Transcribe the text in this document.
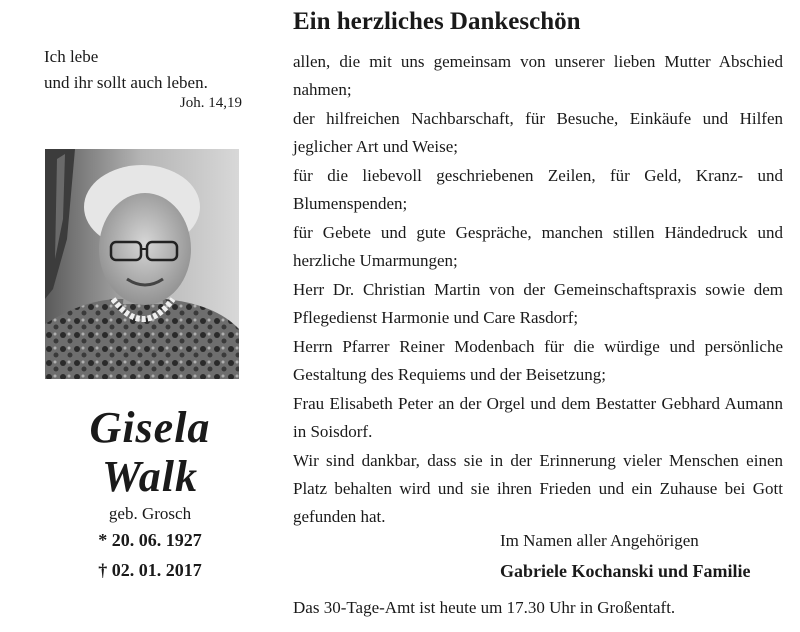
Ich lebe
und ihr sollt auch leben.
Joh. 14,19
Gisela
Walk
geb. Grosch
* 20. 06. 1927
† 02. 01. 2017
Ein herzliches Dankeschön
allen, die mit uns gemeinsam von unserer lieben Mutter Abschied nahmen;
der hilfreichen Nachbarschaft, für Besuche, Einkäufe und Hilfen jeglicher Art und Weise;
für die liebevoll geschriebenen Zeilen, für Geld, Kranz- und Blumenspenden;
für Gebete und gute Gespräche, manchen stillen Händedruck und herzliche Umarmungen;
Herr Dr. Christian Martin von der Gemeinschaftspraxis sowie dem Pflegedienst Harmonie und Care Rasdorf;
Herrn Pfarrer Reiner Modenbach für die würdige und persönliche Gestaltung des Requiems und der Beisetzung;
Frau Elisabeth Peter an der Orgel und dem Bestatter Gebhard Aumann in Soisdorf.
Wir sind dankbar, dass sie in der Erinnerung vieler Menschen einen Platz behalten wird und sie ihren Frieden und ein Zuhause bei Gott gefunden hat.
Im Namen aller Angehörigen
Gabriele Kochanski und Familie
Das 30-Tage-Amt ist heute um 17.30 Uhr in Großentaft.
